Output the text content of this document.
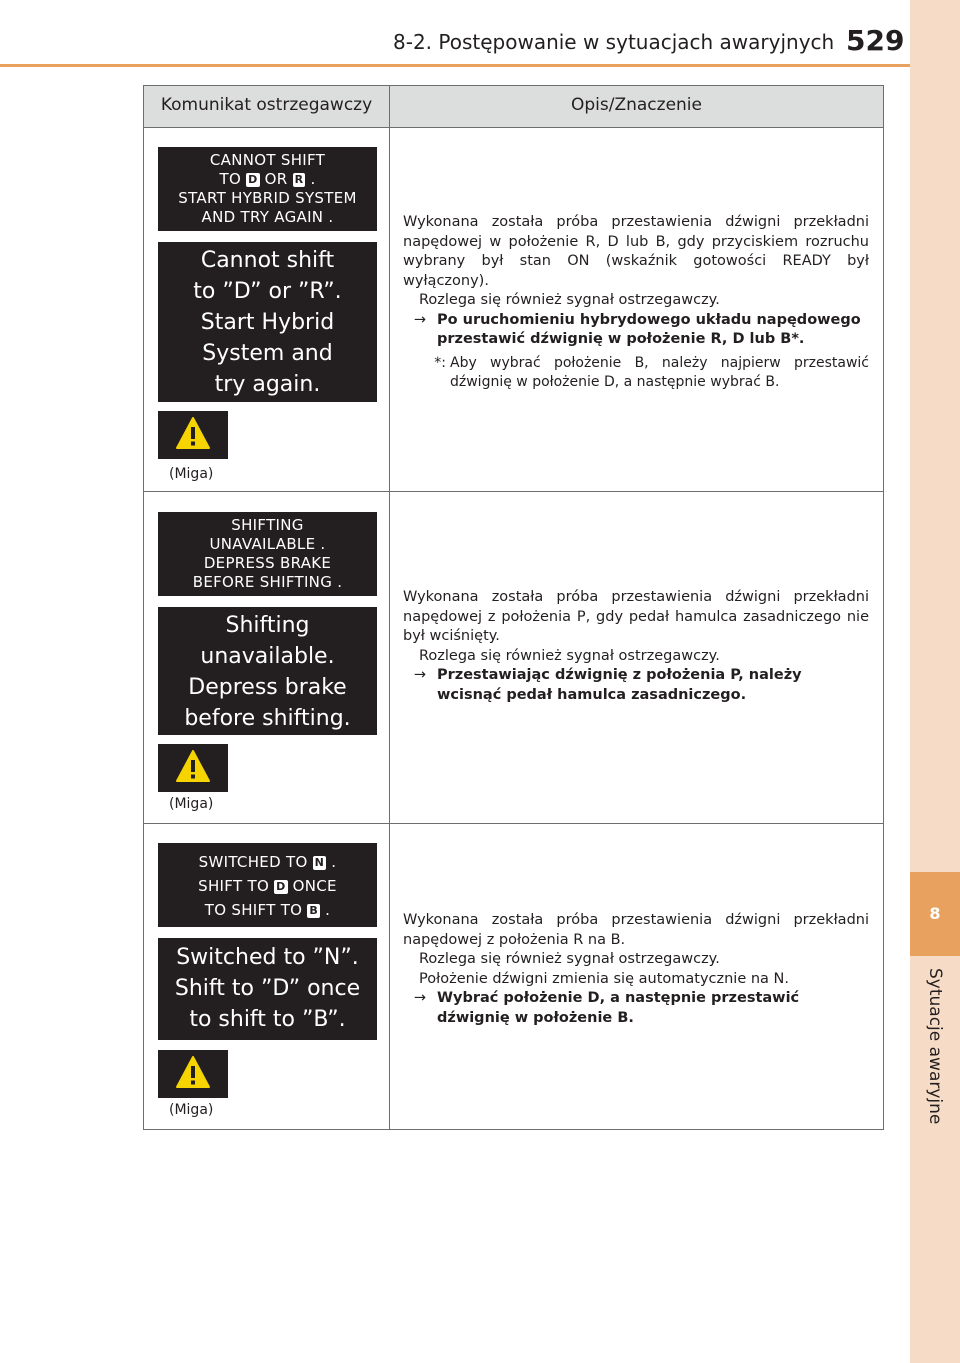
8-2. Postępowanie w sytuacjach awaryjnych 529
8
Sytuacje awaryjne
Komunikat ostrzegawczy	Opis/Znaczenie
CANNOT SHIFT
TO D OR R .
START HYBRID SYSTEM
AND TRY AGAIN .
Cannot shift
to ”D” or ”R”.
Start Hybrid
System and
try again.
(Miga)

Wykonana została próba przestawienia dźwigni przekładni napędowej w położenie R, D lub B, gdy przyciskiem rozruchu wybrany był stan ON (wskaźnik gotowości READY był wyłączony).

Rozlega się również sygnał ostrzegawczy.

→ Po uruchomieniu hybrydowego układu napędowego przestawić dźwignię w położenie R, D lub B*.
*: Aby wybrać położenie B, należy najpierw przestawić dźwignię w położenie D, a następnie wybrać B.
SHIFTING
UNAVAILABLE .
DEPRESS BRAKE
BEFORE SHIFTING .
Shifting
unavailable.
Depress brake
before shifting.
(Miga)

Wykonana została próba przestawienia dźwigni przekładni napędowej z położenia P, gdy pedał hamulca zasadniczego nie był wciśnięty.

Rozlega się również sygnał ostrzegawczy.

→ Przestawiając dźwignię z położenia P, należy wcisnąć pedał hamulca zasadniczego.
SWITCHED TO N .
SHIFT TO D ONCE
TO SHIFT TO B .
Switched to ”N”.
Shift to ”D” once
to shift to ”B”.
(Miga)

Wykonana została próba przestawienia dźwigni przekładni napędowej z położenia R na B.

Rozlega się również sygnał ostrzegawczy.

Położenie dźwigni zmienia się automatycznie na N.

→ Wybrać położenie D, a następnie przestawić dźwignię w położenie B.
